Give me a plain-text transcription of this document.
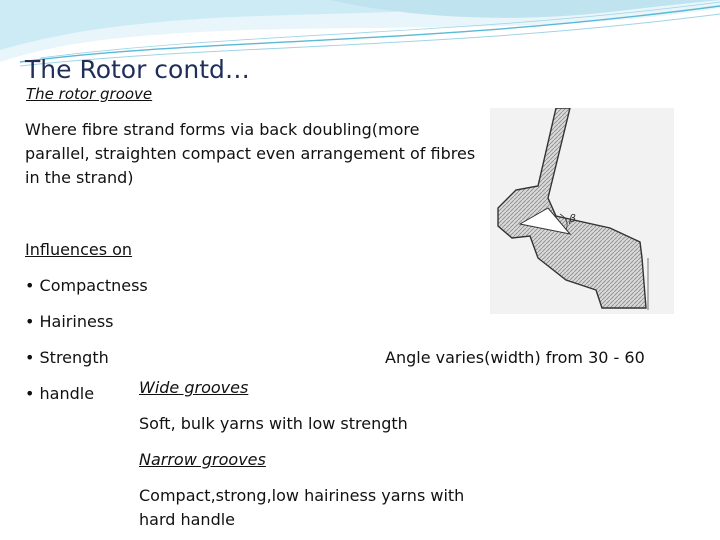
The Rotor contd…
The rotor groove
Where fibre strand forms via back doubling(more
parallel, straighten compact even arrangement of fibres
in the strand)
Influences on
• Compactness
• Hairiness
• Strength
• handle
Angle varies(width) from 30 - 60
Wide grooves
Soft, bulk yarns with low strength
Narrow grooves
Compact,strong,low hairiness yarns with
hard handle
β
